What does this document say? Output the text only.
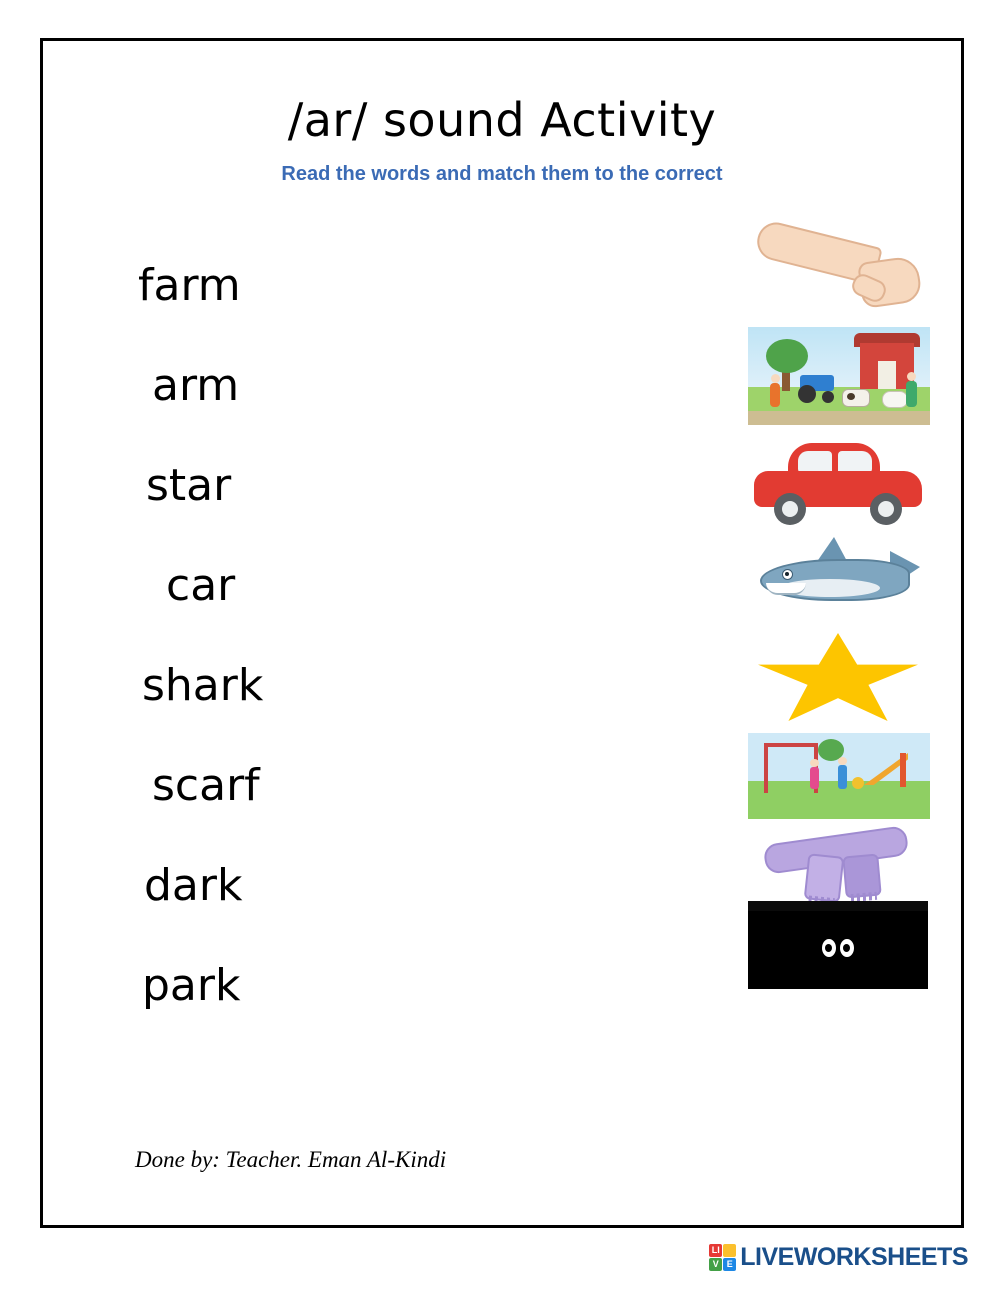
/ar/ sound Activity
Read the words and match them to the correct
farm
arm
star
car
shark
scarf
dark
park
Done by: Teacher. Eman Al-Kindi
LI
V E LIVEWORKSHEETS
